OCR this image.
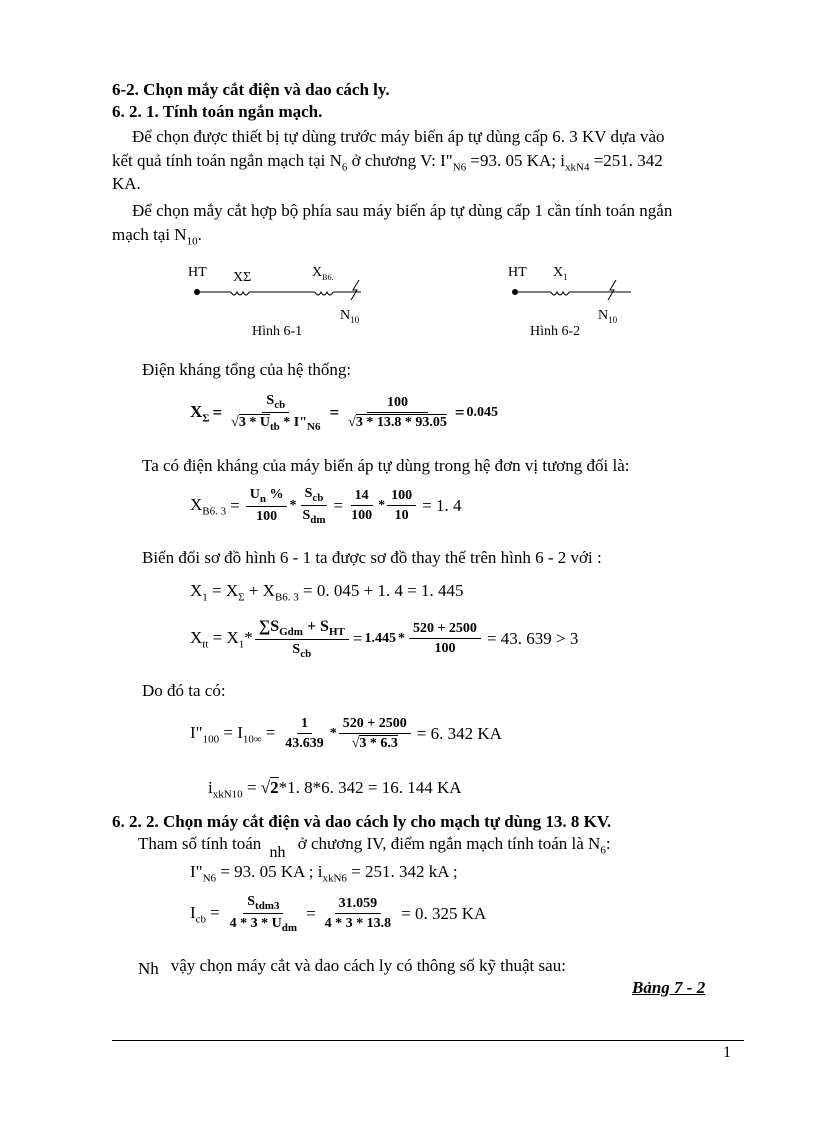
6-2. Chọn mắy cắt điện và dao cách ly.
6. 2. 1. Tính toán ngắn mạch.
Để chọn được thiết bị tự dùng trước máy biến áp tự dùng cấp 6. 3 KV dựa vào
kết quả tính toán ngắn mạch tại $N_6$ ở chương V: $I"_{N6} =93$. 05 KA; $i_{xkN4} =251$. 342
KA.
Để chọn mắy cắt hợp bộ phía sau máy biến áp tự dùng cấp 1 cần tính toán ngắn
mạch tại $N_{10}$.
HT XΣ	$X_{B6.}$
$N_{10}$
Hình 6-1
HT $X_1$
$N_{10}$
Hình 6-2
Điện kháng tổng của hệ thống:
$X_\Sigma = \frac{S_{cb}}{√3 * U_{tb} * I"_{N6}} = \frac{100}{√3 * 13.8 * 93.05} = 0.045$
Ta có điện kháng của máy biến áp tự dùng trong hệ đơn vị tương đối là:
$X_{B6. 3} = \frac{U_n \%}{100} * \frac{S_{cb}}{S_{dm}} = \frac{14}{100} * \frac{100}{10} = 1$. 4
Biến đổi sơ đồ hình 6 - 1 ta được sơ đồ thay thế trên hình 6 - 2 với :
$X_1 = X_\Sigma + X_{B6. 3} = 0$. 045 + 1. 4 = 1. 445
$X_{tt} = X_1* \frac{\sum S_{Gdm} + S_{HT}}{S_{cb}} = 1.445 * \frac{520 + 2500}{100} = 43$. 639 > 3
Do đó ta có:
$I"_{100} = I_{10\infty} = \frac{1}{43.639} * \frac{520 + 2500}{√3 * 6.3} = 6$. 342 KA
$i_{xkN10} = √2*1$. 8*6. 342 = 16. 144 KA
6. 2. 2. Chọn máy cắt điện và dao cách ly cho mạch tự dùng 13. 8 KV.
Tham số tính toán nh ở chương IV, điểm ngắn mạch tính toán là $N_6$:
$I"_{N6} = 93$. 05 KA ; $i_{xkN6} = 251$. 342 kA ;
$I_{cb} = \frac{S_{tdm3}}{4 * 3 * U_{dm}} = \frac{31.059}{4 * 3 * 13.8} = 0$. 325 KA
Nh vậy chọn máy cắt và dao cách ly có thông số kỹ thuật sau:
Bảng 7 - 2
1
